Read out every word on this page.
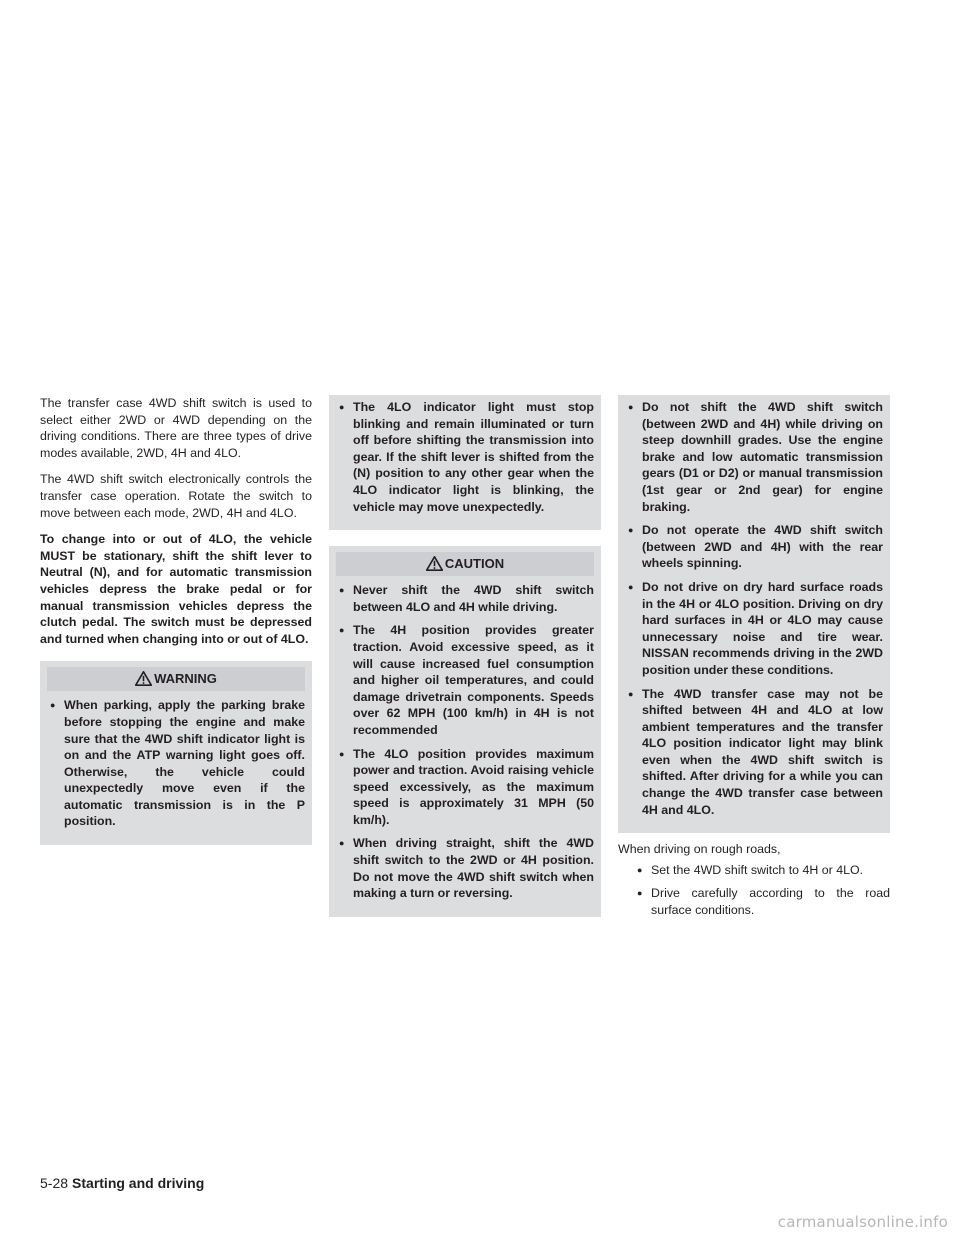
The transfer case 4WD shift switch is used to select either 2WD or 4WD depending on the driving conditions. There are three types of drive modes available, 2WD, 4H and 4LO.

The 4WD shift switch electronically controls the transfer case operation. Rotate the switch to move between each mode, 2WD, 4H and 4LO.

To change into or out of 4LO, the vehicle MUST be stationary, shift the shift lever to Neutral (N), and for automatic transmission vehicles depress the brake pedal or for manual transmission vehicles depress the clutch pedal. The switch must be depressed and turned when changing into or out of 4LO.

WARNING
● When parking, apply the parking brake before stopping the engine and make sure that the 4WD shift indicator light is on and the ATP warning light goes off. Otherwise, the vehicle could unexpectedly move even if the automatic transmission is in the P position.
● The 4LO indicator light must stop blinking and remain illuminated or turn off before shifting the transmission into gear. If the shift lever is shifted from the (N) position to any other gear when the 4LO indicator light is blinking, the vehicle may move unexpectedly.
CAUTION
● Never shift the 4WD shift switch between 4LO and 4H while driving.
● The 4H position provides greater traction. Avoid excessive speed, as it will cause increased fuel consumption and higher oil temperatures, and could damage drivetrain components. Speeds over 62 MPH (100 km/h) in 4H is not recommended
● The 4LO position provides maximum power and traction. Avoid raising vehicle speed excessively, as the maximum speed is approximately 31 MPH (50 km/h).
● When driving straight, shift the 4WD shift switch to the 2WD or 4H position. Do not move the 4WD shift switch when making a turn or reversing.
● Do not shift the 4WD shift switch (between 2WD and 4H) while driving on steep downhill grades. Use the engine brake and low automatic transmission gears (D1 or D2) or manual transmission (1st gear or 2nd gear) for engine braking.
● Do not operate the 4WD shift switch (between 2WD and 4H) with the rear wheels spinning.
● Do not drive on dry hard surface roads in the 4H or 4LO position. Driving on dry hard surfaces in 4H or 4LO may cause unnecessary noise and tire wear. NISSAN recommends driving in the 2WD position under these conditions.
● The 4WD transfer case may not be shifted between 4H and 4LO at low ambient temperatures and the transfer 4LO position indicator light may blink even when the 4WD shift switch is shifted. After driving for a while you can change the 4WD transfer case between 4H and 4LO.

When driving on rough roads,

● Set the 4WD shift switch to 4H or 4LO.
● Drive carefully according to the road surface conditions.
5-28 Starting and driving
carmanualsonline.info
